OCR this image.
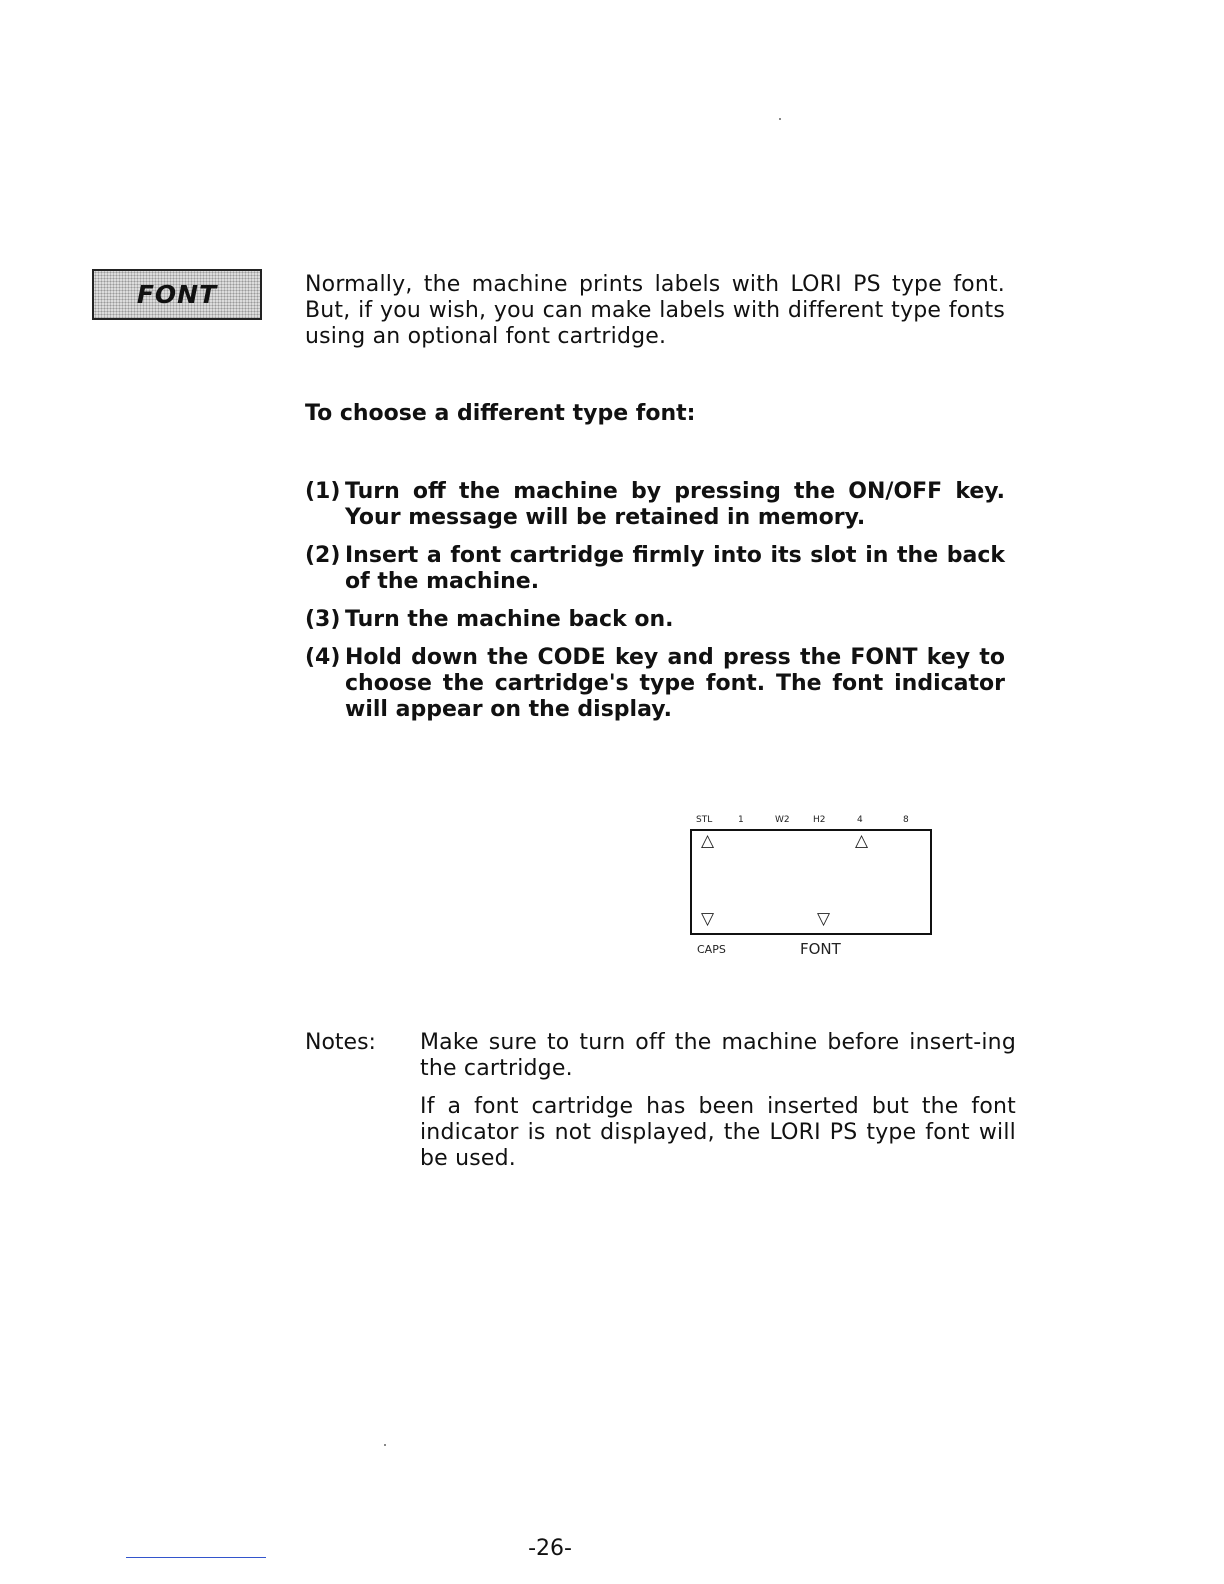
FONT	Normally, the machine prints labels with LORI PS type font. But, if you wish, you can make labels with different type fonts using an optional font cartridge.

To choose a different type font:

(1) Turn off the machine by pressing the ON/OFF key. Your message will be retained in memory.
(2) Insert a font cartridge firmly into its slot in the back of the machine.
(3) Turn the machine back on.
(4) Hold down the CODE key and press the FONT key to choose the cartridge's type font. The font indicator will appear on the display.
STL	1	W2	H2	4	8
△	△
▽	▽
CAPS	FONT
Notes: Make sure to turn off the machine before insert-ing the cartridge.

If a font cartridge has been inserted but the font indicator is not displayed, the LORI PS type font will be used.

-26-
